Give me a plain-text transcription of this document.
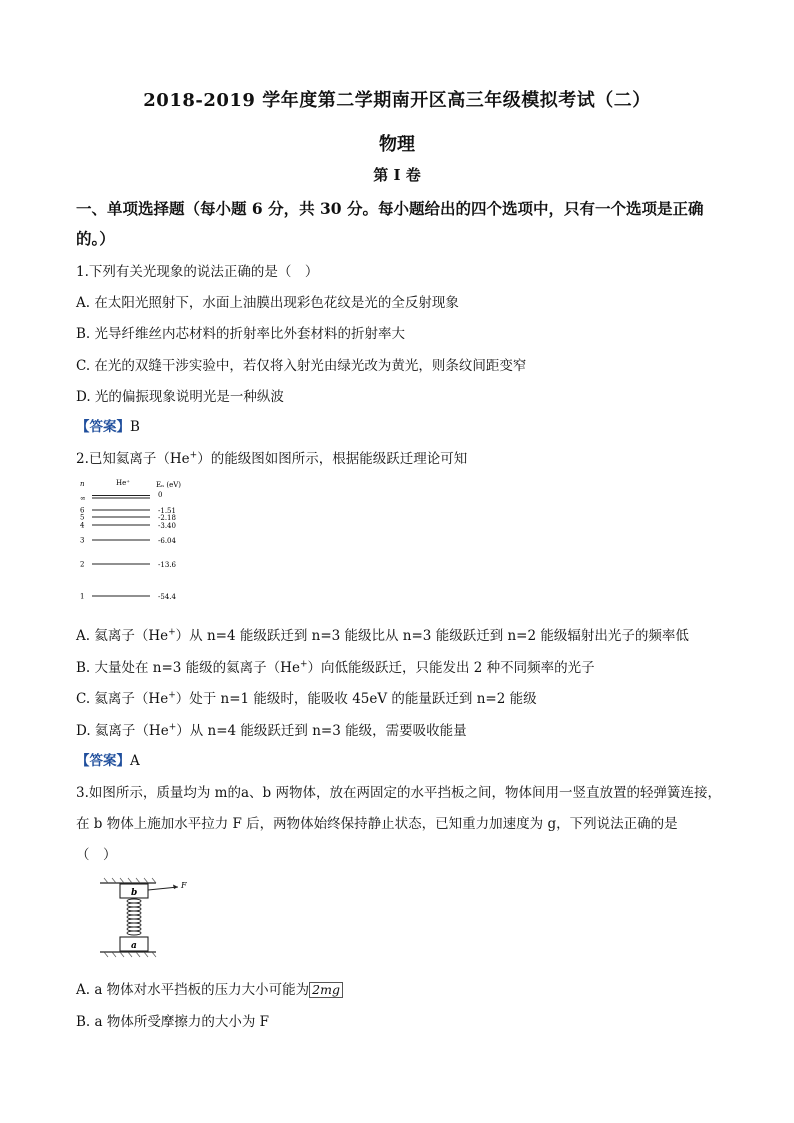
2018-2019 学年度第二学期南开区高三年级模拟考试（二）
物理
第 I 卷
一、单项选择题（每小题 6 分，共 30 分。每小题给出的四个选项中，只有一个选项是正确的。）
1.下列有关光现象的说法正确的是（　）
A. 在太阳光照射下，水面上油膜出现彩色花纹是光的全反射现象
B. 光导纤维丝内芯材料的折射率比外套材料的折射率大
C. 在光的双缝干涉实验中，若仅将入射光由绿光改为黄光，则条纹间距变窄
D. 光的偏振现象说明光是一种纵波
【答案】B
2.已知氦离子（He+）的能级图如图所示，根据能级跃迁理论可知
n	He⁺	Eₙ (eV)
∞	0
6	-1.51
5	-2.18
4	-3.40
3	-6.04
2	-13.6
1	-54.4
A. 氦离子（He+）从 n=4 能级跃迁到 n=3 能级比从 n=3 能级跃迁到 n=2 能级辐射出光子的频率低
B. 大量处在 n=3 能级的氦离子（He+）向低能级跃迁，只能发出 2 种不同频率的光子
C. 氦离子（He+）处于 n=1 能级时，能吸收 45eV 的能量跃迁到 n=2 能级
D. 氦离子（He+）从 n=4 能级跃迁到 n=3 能级，需要吸收能量
【答案】A
3.如图所示，质量均为 m的a、b 两物体，放在两固定的水平挡板之间，物体间用一竖直放置的轻弹簧连接，
在 b 物体上施加水平拉力 F 后，两物体始终保持静止状态，已知重力加速度为 g，下列说法正确的是
（　）
b
F
a
A. a 物体对水平挡板的压力大小可能为 2mg
B. a 物体所受摩擦力的大小为 F
